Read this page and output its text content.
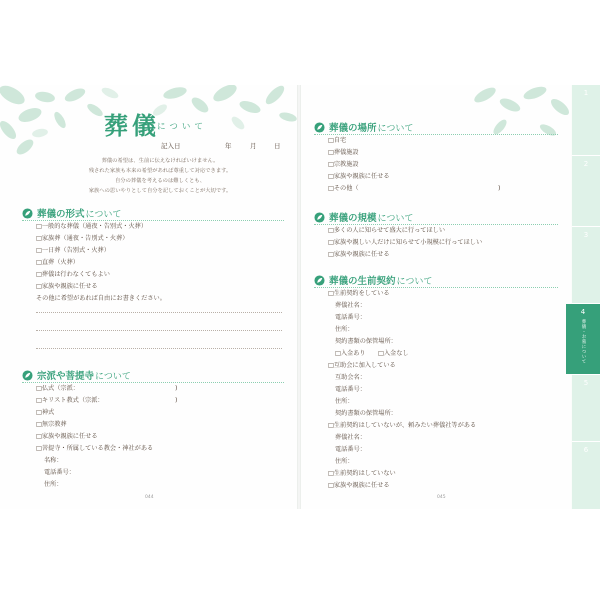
葬儀
について
記入日	年	月	日
葬儀の希望は、生前に伝えなければいけません。
残された家族も本来の希望があれば尊重して対応できます。
自分の葬儀を考えるのは難しくとも、
家族への思いやりとして自分を記しておくことが大切です。
葬儀の形式 について
□一般的な葬儀（通夜・告別式・火葬）
□家族葬（通夜・告別式・火葬）
□一日葬（告別式・火葬）
□直葬（火葬）
□葬儀は行わなくてもよい
□家族や親族に任せる
その他に希望があれば自由にお書きください。
宗派や菩提寺 について
□仏式（宗派：	)
□キリスト教式（宗派：	)
□神式
□無宗教葬
□家族や親族に任せる
□菩提寺・所属している教会・神社がある
名称：
電話番号：
住所：
044
葬儀の場所 について
□自宅
□葬儀施設
□宗教施設
□家族や親族に任せる
□その他（	)
葬儀の規模 について
□多くの人に知らせて盛大に行ってほしい
□家族や親しい人だけに知らせて小規模に行ってほしい
□家族や親族に任せる
葬儀の生前契約 について
□生前契約をしている
葬儀社名：
電話番号：
住所：
契約書類の保管場所：
□入金あり　　□入金なし
□互助会に加入している
互助会名：
電話番号：
住所：
契約書類の保管場所：
□生前契約はしていないが、頼みたい葬儀社等がある
葬儀社名：
電話番号：
住所：
□生前契約はしていない
□家族や親族に任せる
045
1
2
3
4
葬儀・お墓について
5
6
